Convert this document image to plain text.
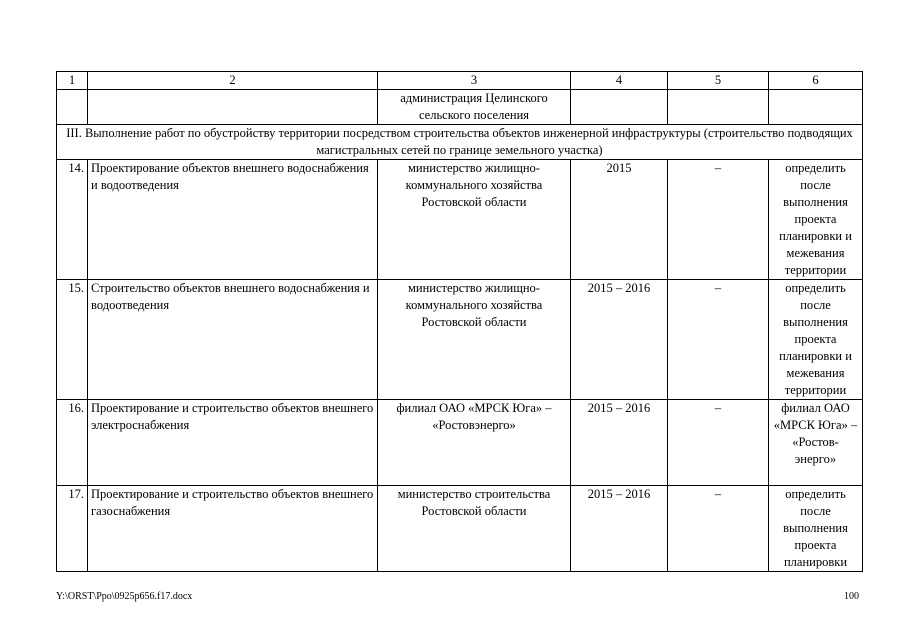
1	2	3	4	5	6
		администрация Целинского сельского поселения			
III. Выполнение работ по обустройству территории посредством строительства объектов инженерной инфраструктуры (строительство подводящих магистральных сетей по границе земельного участка)					
14.	Проектирование объектов внешнего водоснабжения и водоотведения	министерство жилищно-коммунального хозяйства Ростовской области	2015	–	определить после выполнения проекта планировки и межевания территории
15.	Строительство объектов внешнего водоснабжения и водоотведения	министерство жилищно-коммунального хозяйства Ростовской области	2015 – 2016	–	определить после выполнения проекта планировки и межевания территории
16.	Проектирование и строительство объектов внешнего электроснабжения	филиал ОАО «МРСК Юга» – «Ростовэнерго»	2015 – 2016	–	филиал ОАО «МРСК Юга» – «Ростов-энерго»
17.	Проектирование и строительство объектов внешнего газоснабжения	министерство строительства Ростовской области	2015 – 2016	–	определить после выполнения проекта планировки
Y:\ORST\Ppo\0925p656.f17.docx	100
